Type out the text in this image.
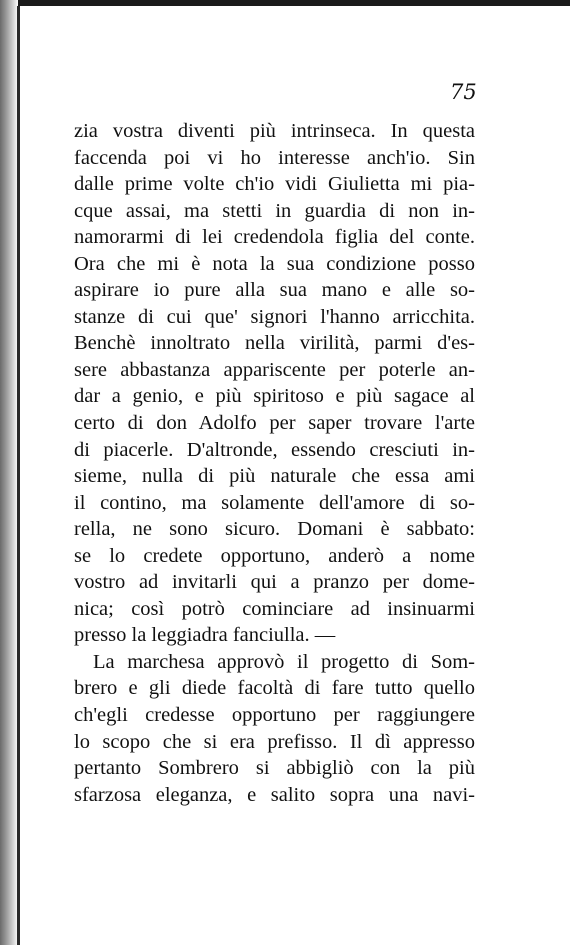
75
zia vostra diventi più intrinseca. In questa
faccenda poi vi ho interesse anch'io. Sin
dalle prime volte ch'io vidi Giulietta mi pia-
cque assai, ma stetti in guardia di non in-
namorarmi di lei credendola figlia del conte.
Ora che mi è nota la sua condizione posso
aspirare io pure alla sua mano e alle so-
stanze di cui que' signori l'hanno arricchita.
Benchè innoltrato nella virilità, parmi d'es-
sere abbastanza appariscente per poterle an-
dar a genio, e più spiritoso e più sagace al
certo di don Adolfo per saper trovare l'arte
di piacerle. D'altronde, essendo cresciuti in-
sieme, nulla di più naturale che essa ami
il contino, ma solamente dell'amore di so-
rella, ne sono sicuro. Domani è sabbato:
se lo credete opportuno, anderò a nome
vostro ad invitarli qui a pranzo per dome-
nica; così potrò cominciare ad insinuarmi
presso la leggiadra fanciulla. —
La marchesa approvò il progetto di Som-
brero e gli diede facoltà di fare tutto quello
ch'egli credesse opportuno per raggiungere
lo scopo che si era prefisso. Il dì appresso
pertanto Sombrero si abbigliò con la più
sfarzosa eleganza, e salito sopra una navi-
